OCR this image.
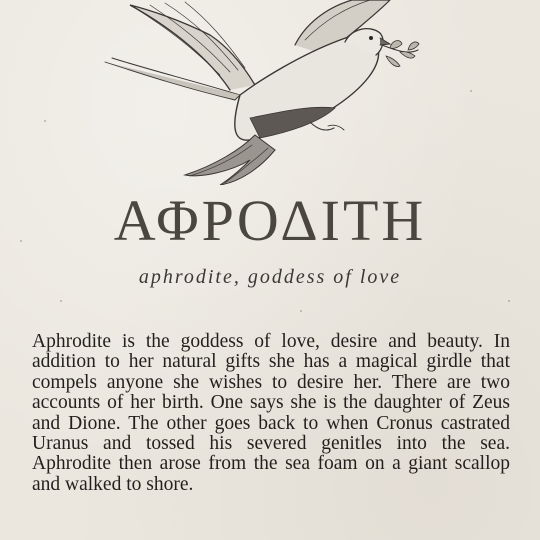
ΑΦΡΟΔΙΤΗ
aphrodite, goddess of love

Aphrodite is the goddess of love, desire and beauty. In addition to her natural gifts she has a magical girdle that compels anyone she wishes to desire her. There are two accounts of her birth. One says she is the daughter of Zeus and Dione. The other goes back to when Cronus castrated Uranus and tossed his severed genitles into the sea. Aphrodite then arose from the sea foam on a giant scallop and walked to shore.
